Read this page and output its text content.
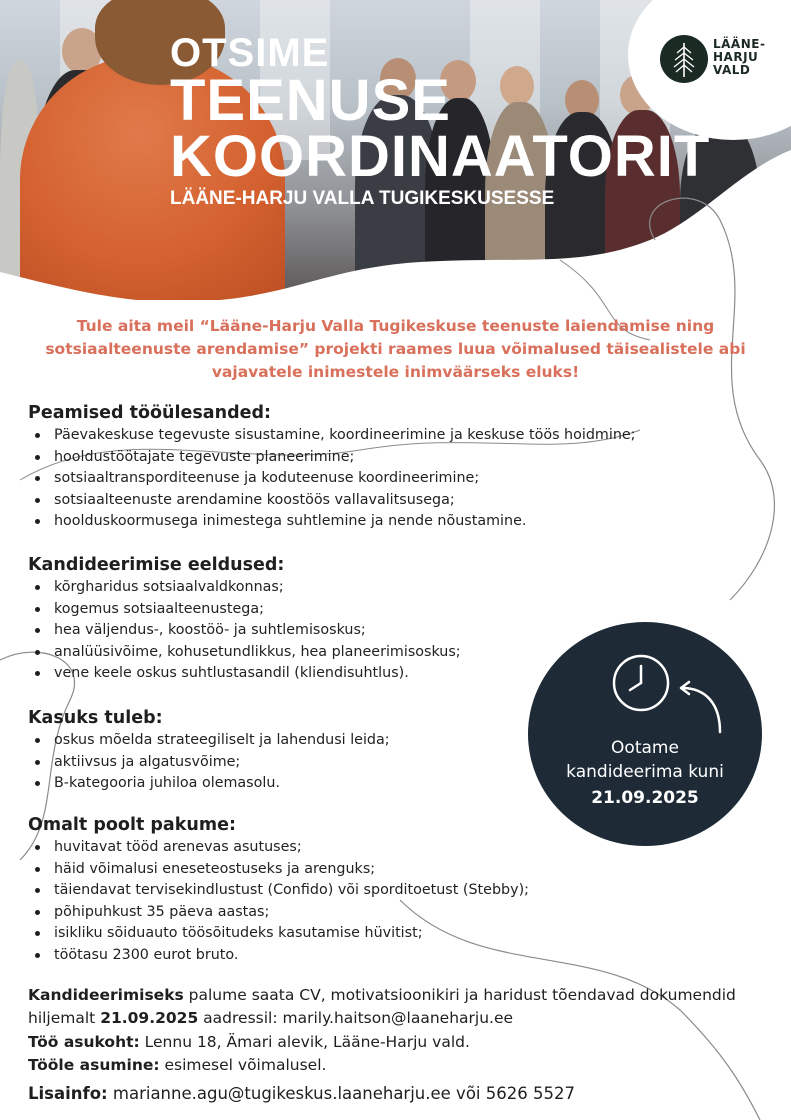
OTSIME
TEENUSE
KOORDINAATORIT
LÄÄNE-HARJU VALLA TUGIKESKUSESSE
LÄÄNE-
HARJU
VALD
Tule aita meil “Lääne-Harju Valla Tugikeskuse teenuste laiendamise ning sotsiaalteenuste arendamise” projekti raames luua võimalused täisealistele abi vajavatele inimestele inimväärseks eluks!
Peamised tööülesanded:
Päevakeskuse tegevuste sisustamine, koordineerimine ja keskuse töös hoidmine;
hooldustöötajate tegevuste planeerimine;
sotsiaaltransporditeenuse ja koduteenuse koordineerimine;
sotsiaalteenuste arendamine koostöös vallavalitsusega;
hoolduskoormusega inimestega suhtlemine ja nende nõustamine.
Kandideerimise eeldused:
kõrgharidus sotsiaalvaldkonnas;
kogemus sotsiaalteenustega;
hea väljendus-, koostöö- ja suhtlemisoskus;
analüüsivõime, kohusetundlikkus, hea planeerimisoskus;
vene keele oskus suhtlustasandil (kliendisuhtlus).
Kasuks tuleb:
oskus mõelda strateegiliselt ja lahendusi leida;
aktiivsus ja algatusvõime;
B-kategooria juhiloa olemasolu.
Omalt poolt pakume:
huvitavat tööd arenevas asutuses;
häid võimalusi eneseteostuseks ja arenguks;
täiendavat tervisekindlustust (Confido) või sporditoetust (Stebby);
põhipuhkust 35 päeva aastas;
isikliku sõiduauto töösõitudeks kasutamise hüvitist;
töötasu 2300 eurot bruto.
Ootame
kandideerima kuni
21.09.2025

Kandideerimiseks palume saata CV, motivatsioonikiri ja haridust tõendavad dokumendid hiljemalt 21.09.2025 aadressil: marily.haitson@laaneharju.ee

Töö asukoht: Lennu 18, Ämari alevik, Lääne-Harju vald.

Tööle asumine: esimesel võimalusel.

Lisainfo: marianne.agu@tugikeskus.laaneharju.ee või 5626 5527
